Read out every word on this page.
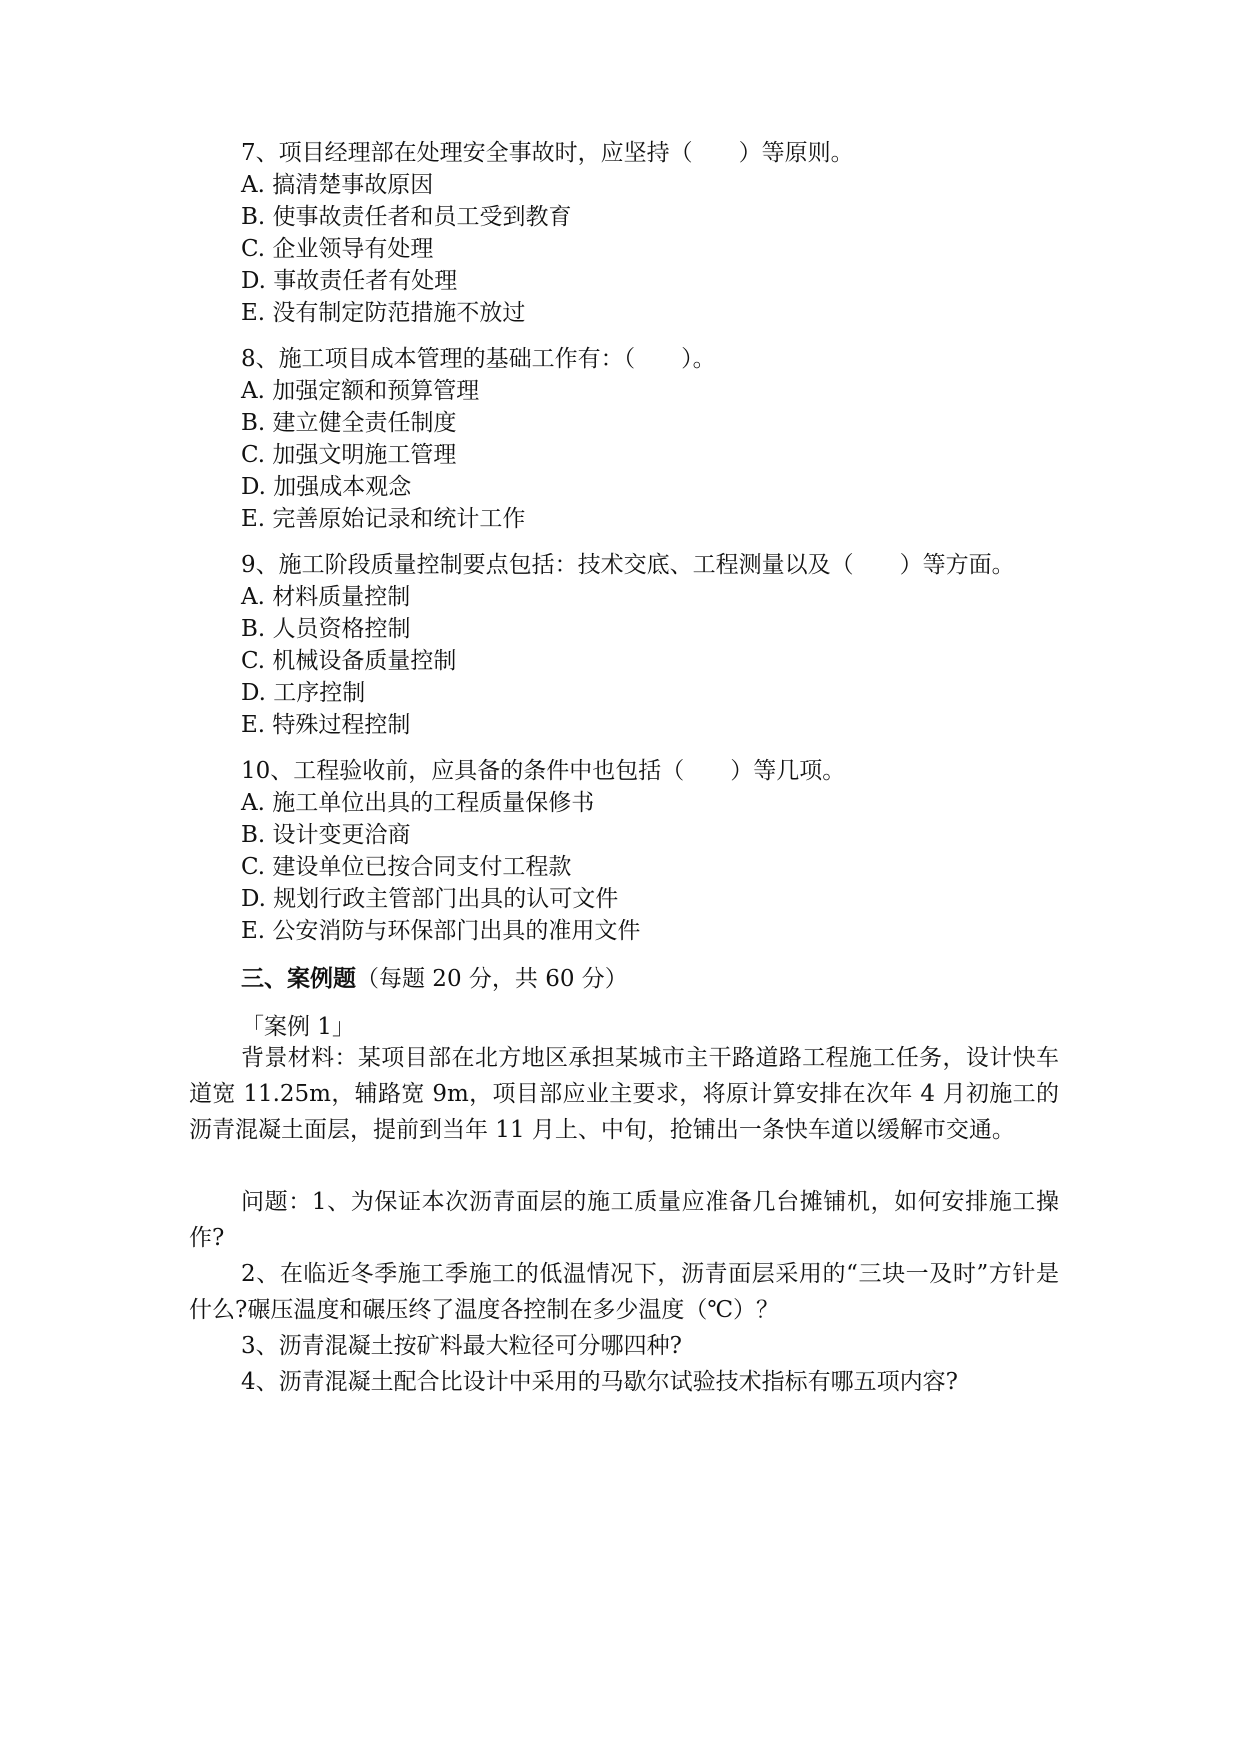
7、项目经理部在处理安全事故时，应坚持（　　）等原则。
A. 搞清楚事故原因
B. 使事故责任者和员工受到教育
C. 企业领导有处理
D. 事故责任者有处理
E. 没有制定防范措施不放过
8、施工项目成本管理的基础工作有：（　　）。
A. 加强定额和预算管理
B. 建立健全责任制度
C. 加强文明施工管理
D. 加强成本观念
E. 完善原始记录和统计工作
9、施工阶段质量控制要点包括：技术交底、工程测量以及（　　）等方面。
A. 材料质量控制
B. 人员资格控制
C. 机械设备质量控制
D. 工序控制
E. 特殊过程控制
10、工程验收前，应具备的条件中也包括（　　）等几项。
A. 施工单位出具的工程质量保修书
B. 设计变更洽商
C. 建设单位已按合同支付工程款
D. 规划行政主管部门出具的认可文件
E. 公安消防与环保部门出具的准用文件
三、案例题（每题 20 分，共 60 分）
「案例 1」
背景材料：某项目部在北方地区承担某城市主干路道路工程施工任务，设计快车道宽 11.25m，辅路宽 9m，项目部应业主要求，将原计算安排在次年 4 月初施工的沥青混凝土面层，提前到当年 11 月上、中旬，抢铺出一条快车道以缓解市交通。
问题：1、为保证本次沥青面层的施工质量应准备几台摊铺机，如何安排施工操作?
2、在临近冬季施工季施工的低温情况下，沥青面层采用的“三块一及时”方针是什么?碾压温度和碾压终了温度各控制在多少温度（℃）？
3、沥青混凝土按矿料最大粒径可分哪四种?
4、沥青混凝土配合比设计中采用的马歇尔试验技术指标有哪五项内容?
